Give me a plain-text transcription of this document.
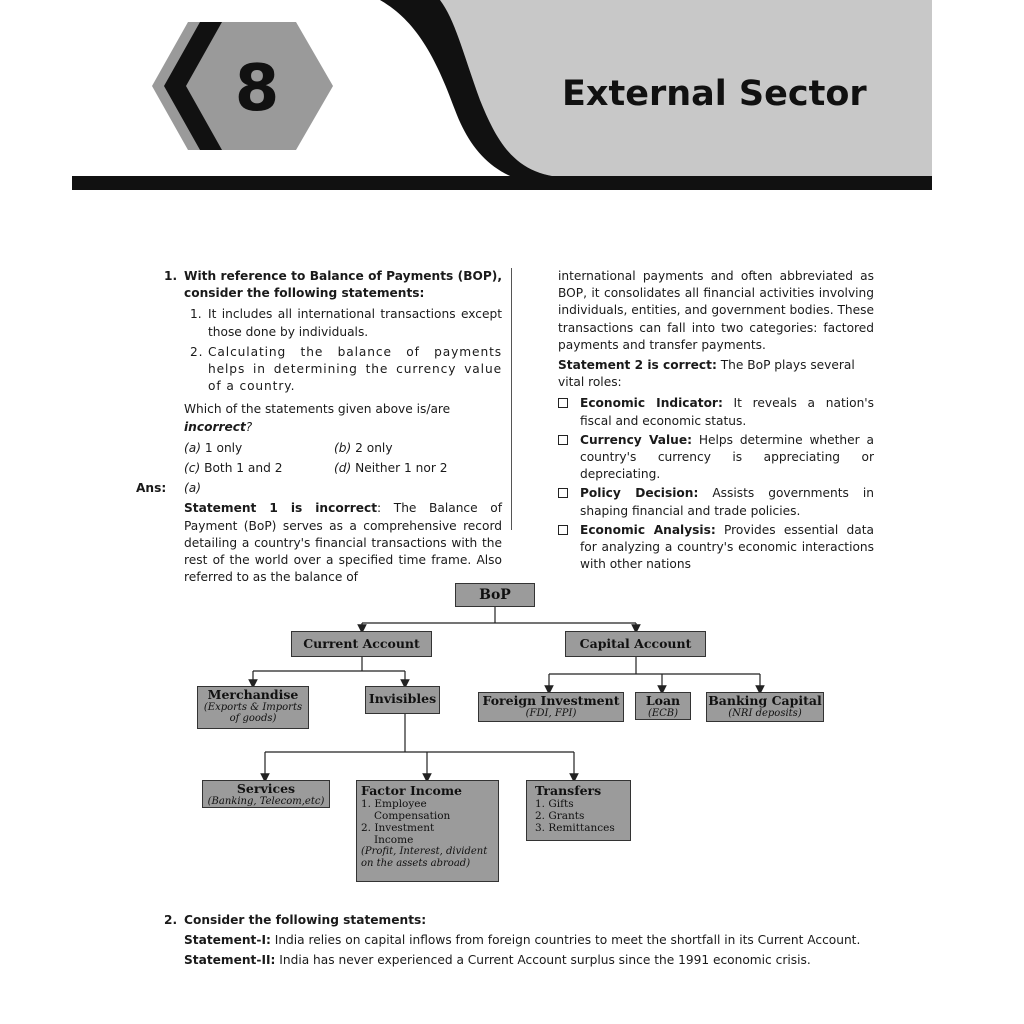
8	External Sector
Objective Questions for Practice
1. With reference to Balance of Payments (BOP), consider the following statements:
1. It includes all international transactions except those done by individuals.
2. Calculating the balance of payments helps in determining the currency value of a country.
Which of the statements given above is/are incorrect?
(a) 1 only	(b) 2 only
(c) Both 1 and 2	(d) Neither 1 nor 2
Ans:	(a)
Statement 1 is incorrect: The Balance of Payment (BoP) serves as a comprehensive record detailing a country's financial transactions with the rest of the world over a specified time frame. Also referred to as the balance of
international payments and often abbreviated as BOP, it consolidates all financial activities involving individuals, entities, and government bodies. These transactions can fall into two categories: factored payments and transfer payments.
Statement 2 is correct: The BoP plays several vital roles:
Economic Indicator: It reveals a nation's fiscal and economic status.
Currency Value: Helps determine whether a country's currency is appreciating or depreciating.
Policy Decision: Assists governments in shaping financial and trade policies.
Economic Analysis: Provides essential data for analyzing a country's economic interactions with other nations
BoP
Current Account	Capital Account
Merchandise
(Exports & Imports of goods)
Invisibles	Foreign Investment
(FDI, FPI)
Loan
(ECB)
Banking Capital
(NRI deposits)
Services
(Banking, Telecom,etc)
Factor Income
1. Employee
Compensation
2. Investment
Income
(Profit, Interest, divident on the assets abroad)
Transfers
1. Gifts
2. Grants
3. Remittances
2. Consider the following statements:
Statement-I: India relies on capital inflows from foreign countries to meet the shortfall in its Current Account.
Statement-II: India has never experienced a Current Account surplus since the 1991 economic crisis.
